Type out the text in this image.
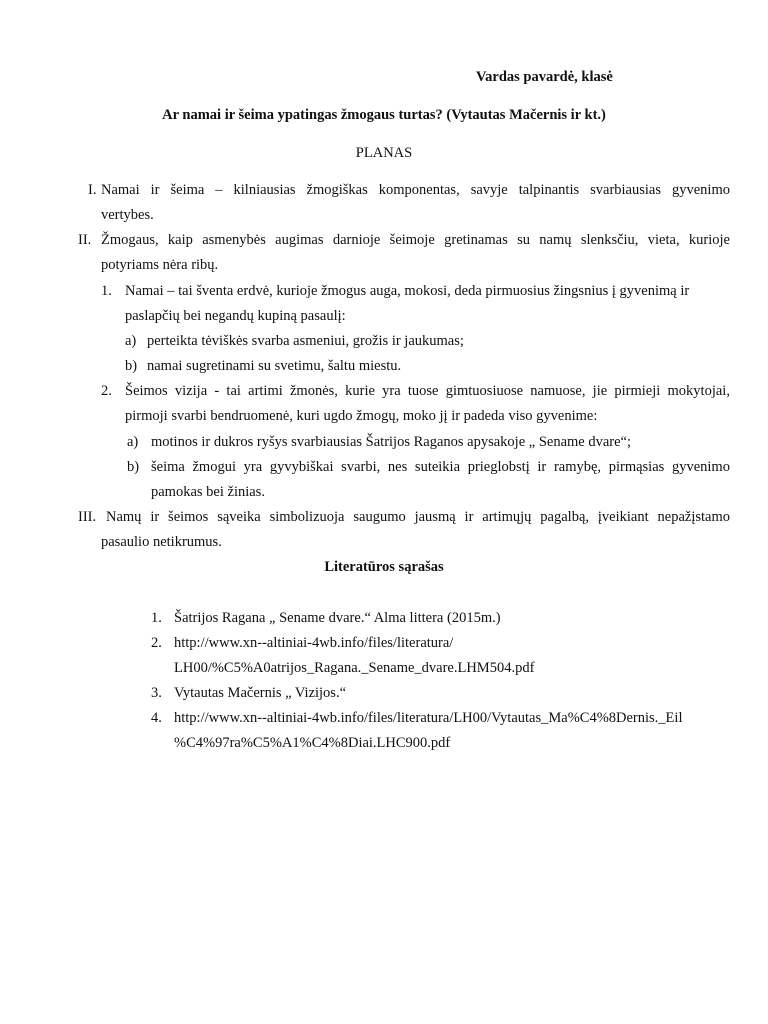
Vardas pavardė, klasė
Ar namai ir šeima ypatingas žmogaus turtas? (Vytautas Mačernis ir kt.)
PLANAS
I. Namai ir šeima – kilniausias žmogiškas komponentas, savyje talpinantis svarbiausias gyvenimo
vertybes.
II. Žmogaus, kaip asmenybės augimas darnioje šeimoje gretinamas su namų slenksčiu, vieta, kurioje
potyriams nėra ribų.
1. Namai – tai šventa erdvė, kurioje žmogus auga, mokosi, deda pirmuosius žingsnius į gyvenimą ir
paslapčių bei negandų kupiną pasaulį:
a) perteikta tėviškės svarba asmeniui, grožis ir jaukumas;
b) namai sugretinami su svetimu, šaltu miestu.
2. Šeimos vizija - tai artimi žmonės, kurie yra tuose gimtuosiuose namuose, jie pirmieji mokytojai,
pirmoji svarbi bendruomenė, kuri ugdo žmogų, moko jį ir padeda viso gyvenime:
a) motinos ir dukros ryšys svarbiausias Šatrijos Raganos apysakoje „ Sename dvare“;
b) šeima žmogui yra gyvybiškai svarbi, nes suteikia prieglobstį ir ramybę, pirmąsias gyvenimo
pamokas bei žinias.
III. Namų ir šeimos sąveika simbolizuoja saugumo jausmą ir artimųjų pagalbą, įveikiant nepažįstamo
pasaulio netikrumus.
Literatūros sąrašas
1. Šatrijos Ragana „ Sename dvare.“ Alma littera (2015m.)
2. http://www.xn--altiniai-4wb.info/files/literatura/
LH00/%C5%A0atrijos_Ragana._Sename_dvare.LHM504.pdf
3. Vytautas Mačernis „ Vizijos.“
4. http://www.xn--altiniai-4wb.info/files/literatura/LH00/Vytautas_Ma%C4%8Dernis._Eil
%C4%97ra%C5%A1%C4%8Diai.LHC900.pdf
